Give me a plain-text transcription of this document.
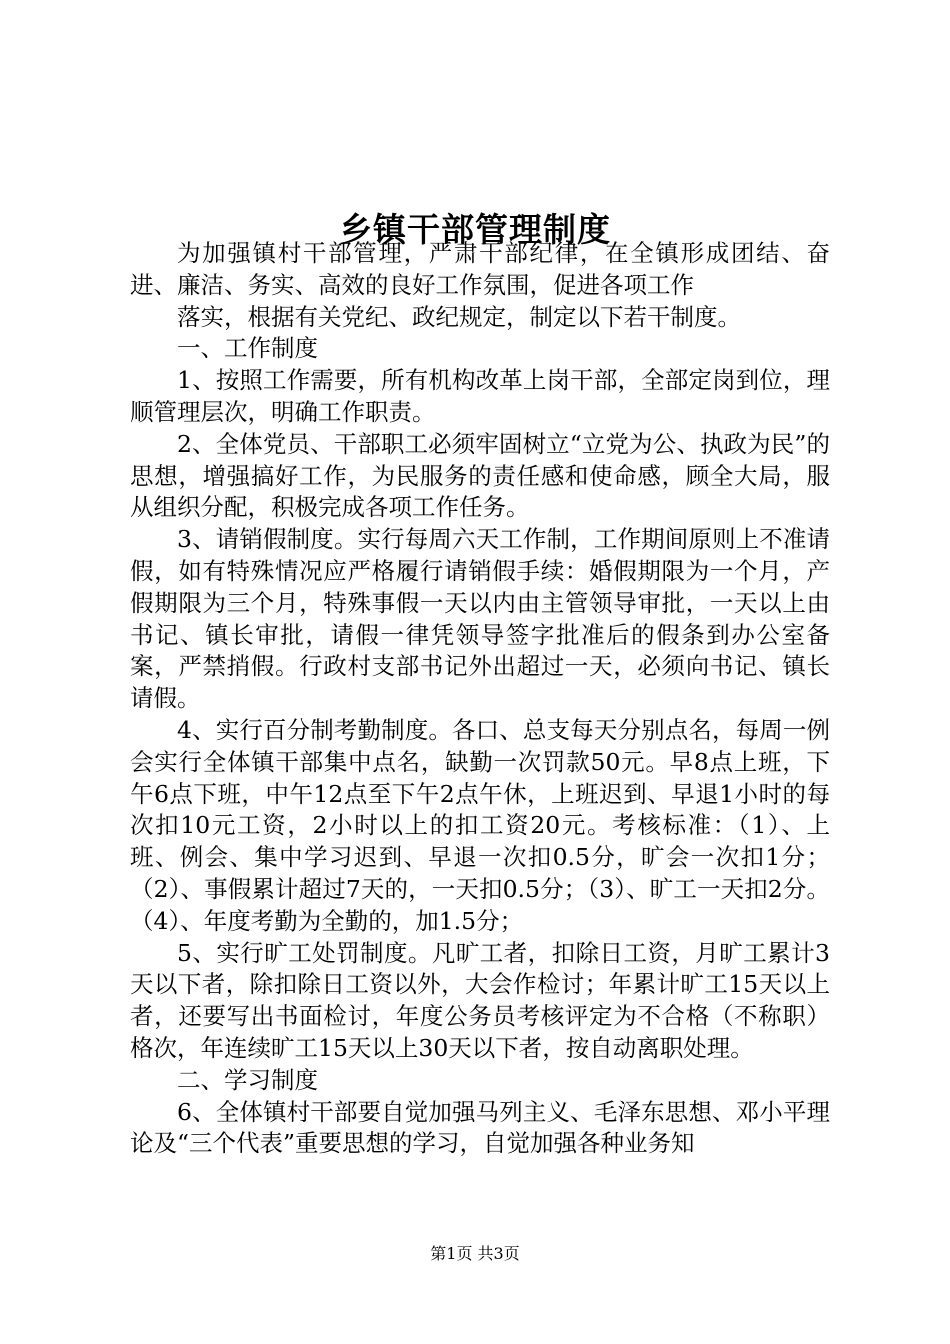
乡镇干部管理制度

为加强镇村干部管理，严肃干部纪律，在全镇形成团结、奋进、廉洁、务实、高效的良好工作氛围，促进各项工作

落实，根据有关党纪、政纪规定，制定以下若干制度。

一、工作制度

1、按照工作需要，所有机构改革上岗干部，全部定岗到位，理顺管理层次，明确工作职责。

2、全体党员、干部职工必须牢固树立“立党为公、执政为民”的思想，增强搞好工作，为民服务的责任感和使命感，顾全大局，服从组织分配，积极完成各项工作任务。

3、请销假制度。实行每周六天工作制，工作期间原则上不准请假，如有特殊情况应严格履行请销假手续：婚假期限为一个月，产假期限为三个月，特殊事假一天以内由主管领导审批，一天以上由书记、镇长审批，请假一律凭领导签字批准后的假条到办公室备案，严禁捎假。行政村支部书记外出超过一天，必须向书记、镇长请假。

4、实行百分制考勤制度。各口、总支每天分别点名，每周一例会实行全体镇干部集中点名，缺勤一次罚款50元。早8点上班，下午6点下班，中午12点至下午2点午休，上班迟到、早退1小时的每次扣10元工资，2小时以上的扣工资20元。考核标准：（1）、上班、例会、集中学习迟到、早退一次扣0.5分，旷会一次扣1分；（2）、事假累计超过7天的，一天扣0.5分；（3）、旷工一天扣2分。（4）、年度考勤为全勤的，加1.5分；

5、实行旷工处罚制度。凡旷工者，扣除日工资，月旷工累计3天以下者，除扣除日工资以外，大会作检讨；年累计旷工15天以上者，还要写出书面检讨，年度公务员考核评定为不合格（不称职）格次，年连续旷工15天以上30天以下者，按自动离职处理。

二、学习制度

6、全体镇村干部要自觉加强马列主义、毛泽东思想、邓小平理论及“三个代表”重要思想的学习，自觉加强各种业务知

第1页 共3页
